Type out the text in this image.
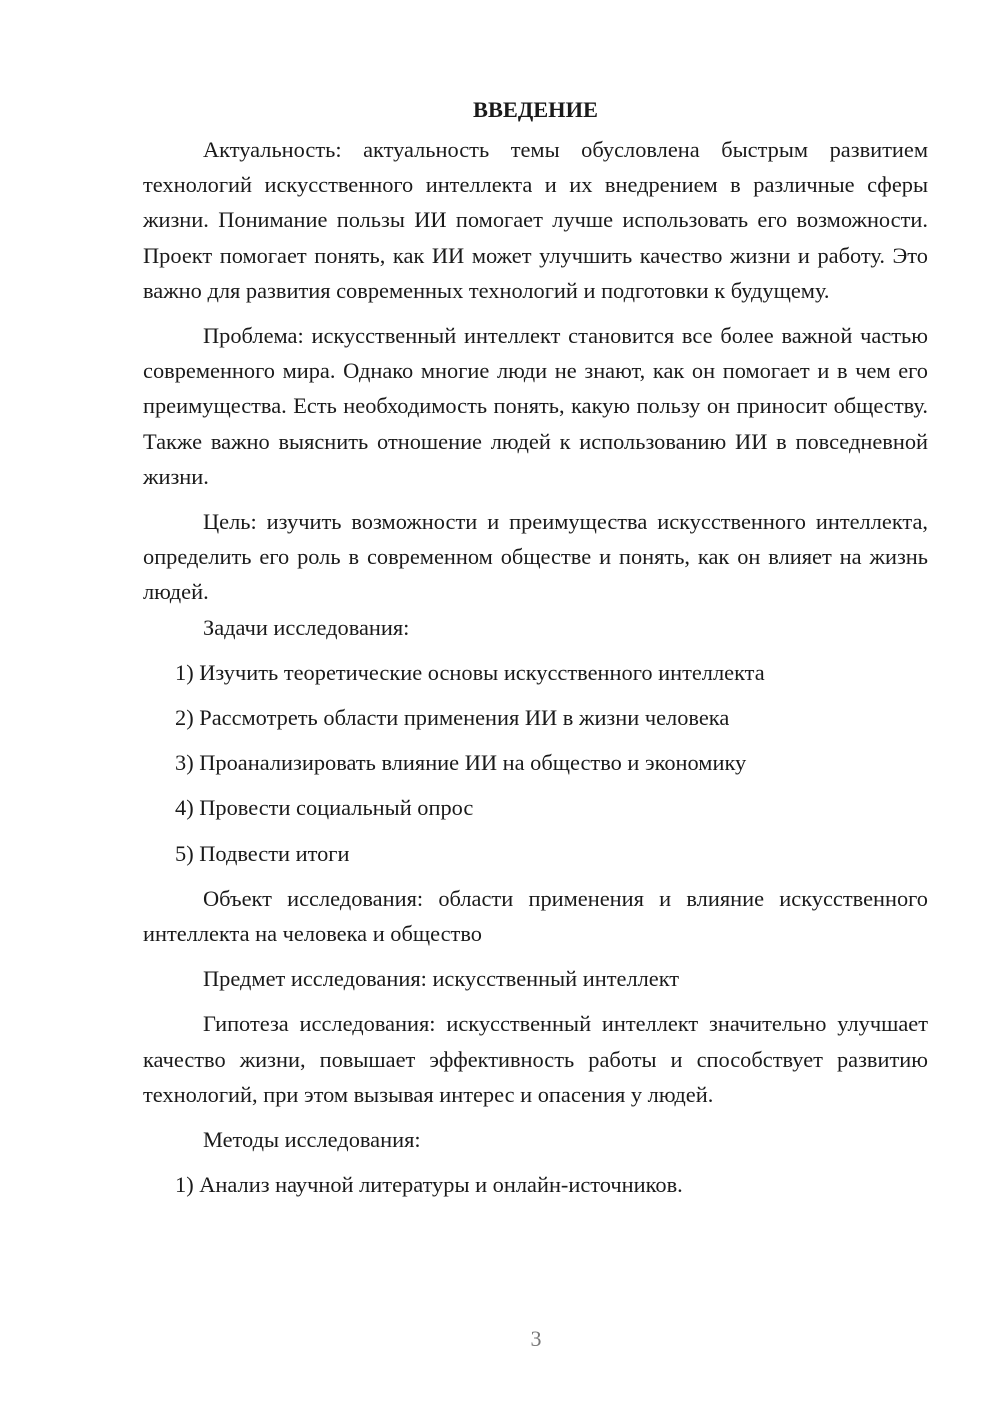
ВВЕДЕНИЕ

Актуальность: актуальность темы обусловлена быстрым развитием технологий искусственного интеллекта и их внедрением в различные сферы жизни. Понимание пользы ИИ помогает лучше использовать его возможности. Проект помогает понять, как ИИ может улучшить качество жизни и работу. Это важно для развития современных технологий и подготовки к будущему.

Проблема: искусственный интеллект становится все более важной частью современного мира. Однако многие люди не знают, как он помогает и в чем его преимущества. Есть необходимость понять, какую пользу он приносит обществу. Также важно выяснить отношение людей к использованию ИИ в повседневной жизни.

Цель: изучить возможности и преимущества искусственного интеллекта, определить его роль в современном обществе и понять, как он влияет на жизнь людей.

Задачи исследования:

1) Изучить теоретические основы искусственного интеллекта

2) Рассмотреть области применения ИИ в жизни человека

3) Проанализировать влияние ИИ на общество и экономику

4) Провести социальный опрос

5) Подвести итоги

Объект исследования: области применения и влияние искусственного интеллекта на человека и общество

Предмет исследования: искусственный интеллект

Гипотеза исследования: искусственный интеллект значительно улучшает качество жизни, повышает эффективность работы и способствует развитию технологий, при этом вызывая интерес и опасения у людей.

Методы исследования:

1) Анализ научной литературы и онлайн-источников.

3
